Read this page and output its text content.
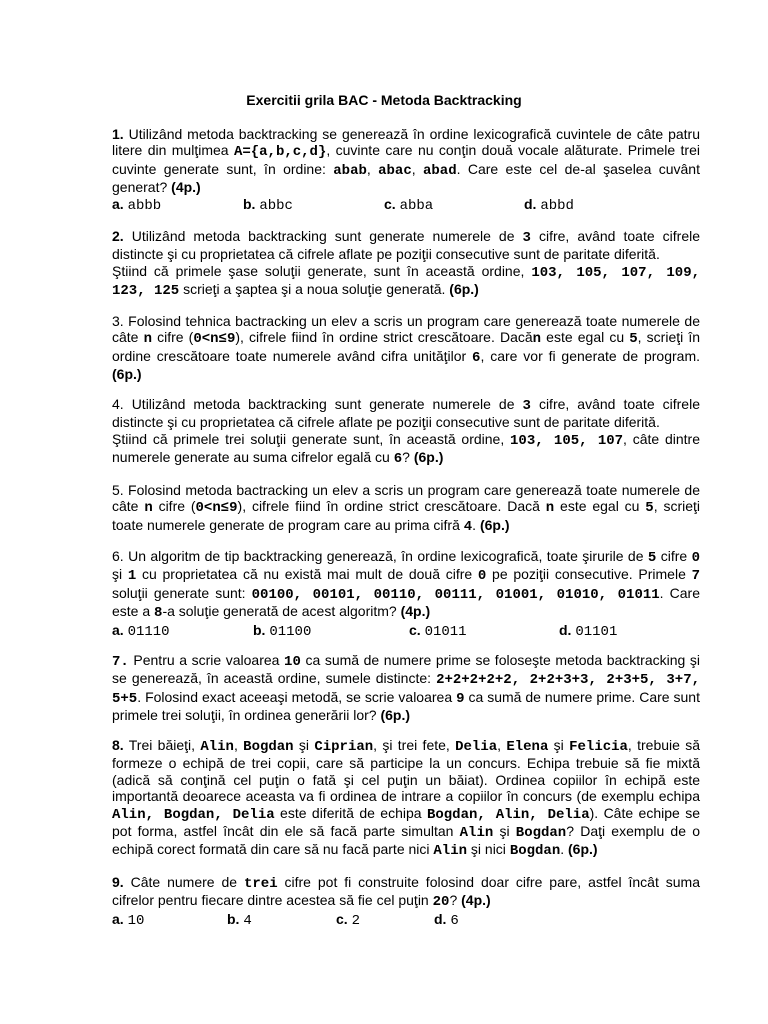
Exercitii grila BAC - Metoda Backtracking

1. Utilizând metoda backtracking se generează în ordine lexicografică cuvintele de câte patru litere din mulţimea A={a,b,c,d}, cuvinte care nu conţin două vocale alăturate. Primele trei cuvinte generate sunt, în ordine: abab, abac, abad. Care este cel de-al şaselea cuvânt generat? (4p.)

a. abbb	b. abbc	c. abba	d. abbd

2. Utilizând metoda backtracking sunt generate numerele de 3 cifre, având toate cifrele distincte şi cu proprietatea că cifrele aflate pe poziţii consecutive sunt de paritate diferită.

Ştiind că primele şase soluţii generate, sunt în această ordine, 103, 105, 107, 109, 123, 125 scrieţi a şaptea şi a noua soluţie generată. (6p.)

3. Folosind tehnica bactracking un elev a scris un program care generează toate numerele de câte n cifre (0<n≤9), cifrele fiind în ordine strict crescătoare. Dacăn este egal cu 5, scrieţi în ordine crescătoare toate numerele având cifra unităţilor 6, care vor fi generate de program. (6p.)

4. Utilizând metoda backtracking sunt generate numerele de 3 cifre, având toate cifrele distincte şi cu proprietatea că cifrele aflate pe poziţii consecutive sunt de paritate diferită.

Ştiind că primele trei soluţii generate sunt, în această ordine, 103, 105, 107, câte dintre numerele generate au suma cifrelor egală cu 6? (6p.)

5. Folosind metoda bactracking un elev a scris un program care generează toate numerele de câte n cifre (0<n≤9), cifrele fiind în ordine strict crescătoare. Dacă n este egal cu 5, scrieţi toate numerele generate de program care au prima cifră 4. (6p.)

6. Un algoritm de tip backtracking generează, în ordine lexicografică, toate şirurile de 5 cifre 0 şi 1 cu proprietatea că nu există mai mult de două cifre 0 pe poziţii consecutive. Primele 7 soluţii generate sunt: 00100, 00101, 00110, 00111, 01001, 01010, 01011. Care este a 8-a soluţie generată de acest algoritm? (4p.)

a. 01110	b. 01100	c. 01011	d. 01101

7. Pentru a scrie valoarea 10 ca sumă de numere prime se foloseşte metoda backtracking şi se generează, în această ordine, sumele distincte: 2+2+2+2+2, 2+2+3+3, 2+3+5, 3+7, 5+5. Folosind exact aceeaşi metodă, se scrie valoarea 9 ca sumă de numere prime. Care sunt primele trei soluţii, în ordinea generării lor? (6p.)

8. Trei băieţi, Alin, Bogdan şi Ciprian, şi trei fete, Delia, Elena şi Felicia, trebuie să formeze o echipă de trei copii, care să participe la un concurs. Echipa trebuie să fie mixtă (adică să conţină cel puţin o fată şi cel puţin un băiat). Ordinea copiilor în echipă este importantă deoarece aceasta va fi ordinea de intrare a copiilor în concurs (de exemplu echipa Alin, Bogdan, Delia este diferită de echipa Bogdan, Alin, Delia). Câte echipe se pot forma, astfel încât din ele să facă parte simultan Alin şi Bogdan? Daţi exemplu de o echipă corect formată din care să nu facă parte nici Alin şi nici Bogdan. (6p.)

9. Câte numere de trei cifre pot fi construite folosind doar cifre pare, astfel încât suma cifrelor pentru fiecare dintre acestea să fie cel puţin 20? (4p.)

a. 10	b. 4	c. 2	d. 6
